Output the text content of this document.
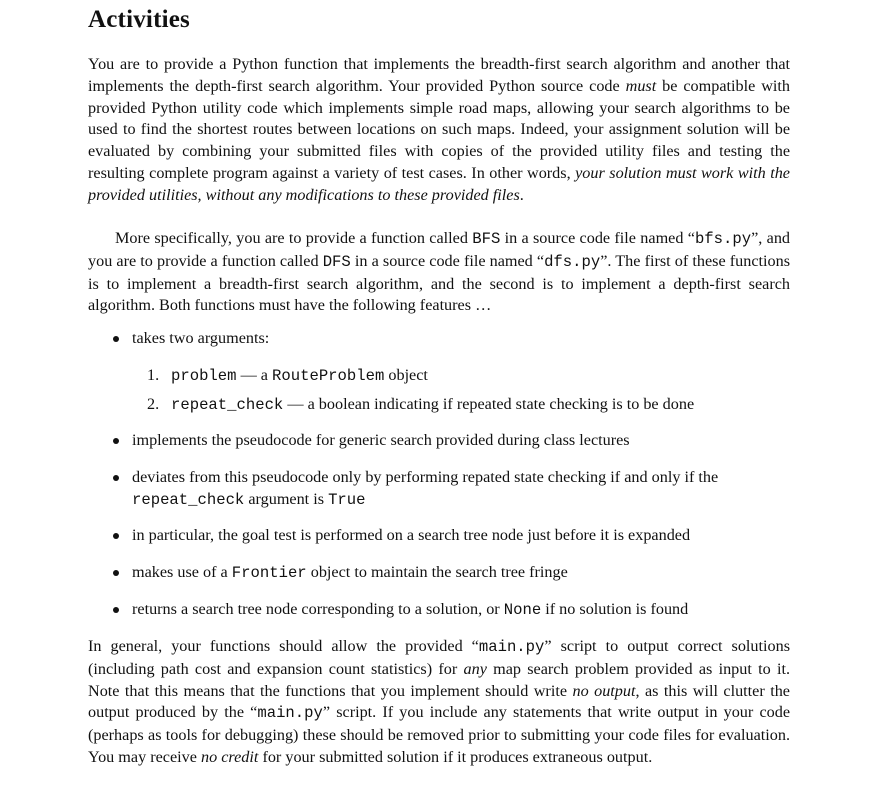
Activities

You are to provide a Python function that implements the breadth-first search algorithm and another that implements the depth-first search algorithm. Your provided Python source code must be compatible with provided Python utility code which implements simple road maps, allowing your search algorithms to be used to find the shortest routes between locations on such maps. Indeed, your assignment solution will be evaluated by combining your submitted files with copies of the provided utility files and testing the resulting complete program against a variety of test cases. In other words, your solution must work with the provided utilities, without any modifications to these provided files.

More specifically, you are to provide a function called BFS in a source code file named “bfs.py”, and you are to provide a function called DFS in a source code file named “dfs.py”. The first of these functions is to implement a breadth-first search algorithm, and the second is to implement a depth-first search algorithm. Both functions must have the following features …

takes two arguments:
implements the pseudocode for generic search provided during class lectures
deviates from this pseudocode only by performing repated state checking if and only if the repeat_check argument is True
in particular, the goal test is performed on a search tree node just before it is expanded
makes use of a Frontier object to maintain the search tree fringe
returns a search tree node corresponding to a solution, or None if no solution is found
1. problem — a RouteProblem object
2. repeat_check — a boolean indicating if repeated state checking is to be done

In general, your functions should allow the provided “main.py” script to output correct solutions (including path cost and expansion count statistics) for any map search problem provided as input to it. Note that this means that the functions that you implement should write no output, as this will clutter the output produced by the “main.py” script. If you include any statements that write output in your code (perhaps as tools for debugging) these should be removed prior to submitting your code files for evaluation. You may receive no credit for your submitted solution if it produces extraneous output.
